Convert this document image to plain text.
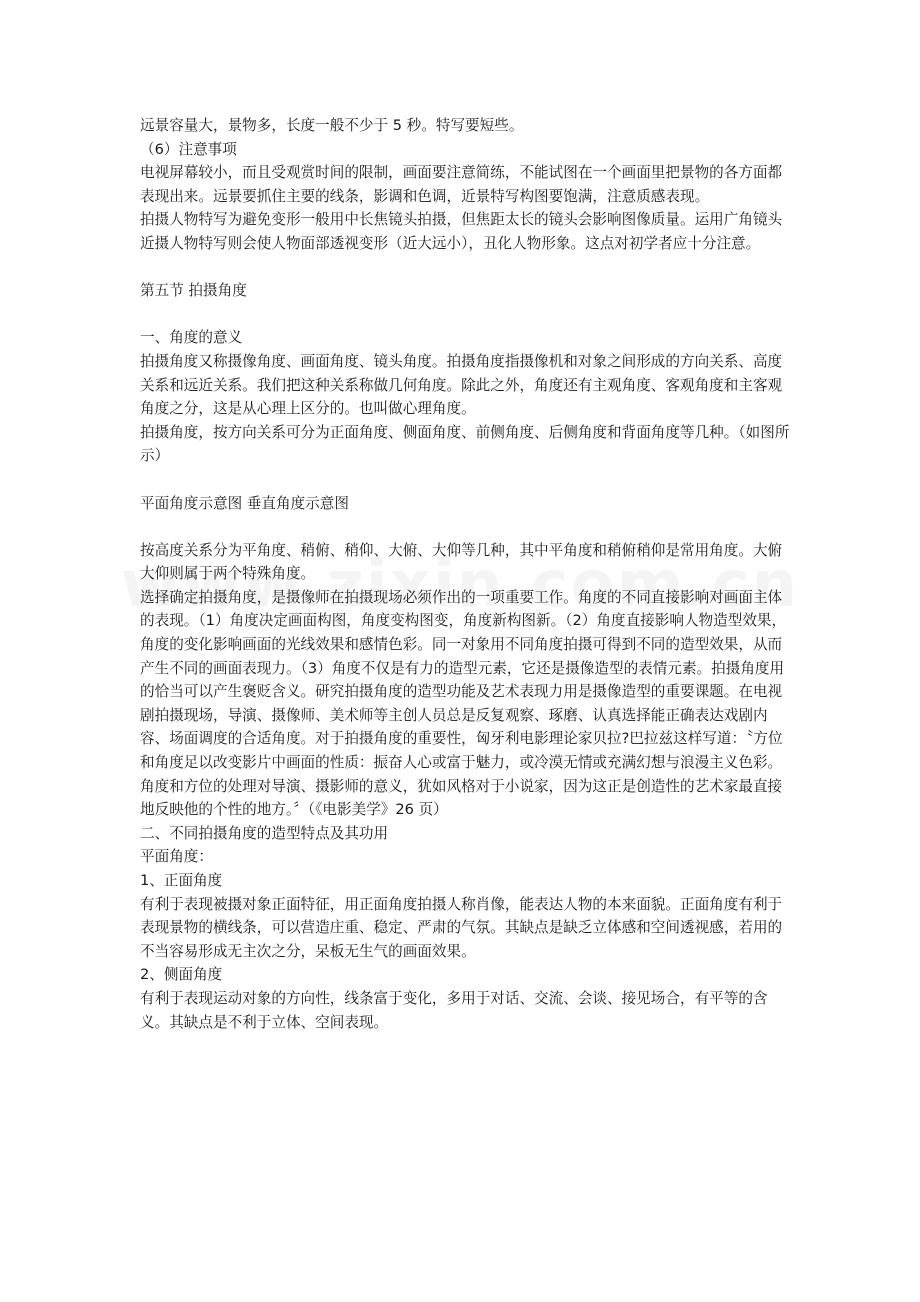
远景容量大，景物多，长度一般不少于 5 秒。特写要短些。

（6）注意事项

电视屏幕较小，而且受观赏时间的限制，画面要注意简练，不能试图在一个画面里把景物的各方面都表现出来。远景要抓住主要的线条，影调和色调，近景特写构图要饱满，注意质感表现。

拍摄人物特写为避免变形一般用中长焦镜头拍摄，但焦距太长的镜头会影响图像质量。运用广角镜头近摄人物特写则会使人物面部透视变形（近大远小），丑化人物形象。这点对初学者应十分注意。

第五节 拍摄角度

一、角度的意义

拍摄角度又称摄像角度、画面角度、镜头角度。拍摄角度指摄像机和对象之间形成的方向关系、高度关系和远近关系。我们把这种关系称做几何角度。除此之外，角度还有主观角度、客观角度和主客观角度之分，这是从心理上区分的。也叫做心理角度。

拍摄角度，按方向关系可分为正面角度、侧面角度、前侧角度、后侧角度和背面角度等几种。（如图所示）

平面角度示意图 垂直角度示意图

按高度关系分为平角度、稍俯、稍仰、大俯、大仰等几种，其中平角度和稍俯稍仰是常用角度。大俯大仰则属于两个特殊角度。

选择确定拍摄角度，是摄像师在拍摄现场必须作出的一项重要工作。角度的不同直接影响对画面主体的表现。（1）角度决定画面构图，角度变构图变，角度新构图新。（2）角度直接影响人物造型效果，角度的变化影响画面的光线效果和感情色彩。同一对象用不同角度拍摄可得到不同的造型效果，从而产生不同的画面表现力。（3）角度不仅是有力的造型元素，它还是摄像造型的表情元素。拍摄角度用的恰当可以产生褒贬含义。研究拍摄角度的造型功能及艺术表现力用是摄像造型的重要课题。在电视剧拍摄现场，导演、摄像师、美术师等主创人员总是反复观察、琢磨、认真选择能正确表达戏剧内容、场面调度的合适角度。对于拍摄角度的重要性，匈牙利电影理论家贝拉?巴拉兹这样写道：〝方位和角度足以改变影片中画面的性质：振奋人心或富于魅力，或冷漠无情或充满幻想与浪漫主义色彩。角度和方位的处理对导演、摄影师的意义，犹如风格对于小说家，因为这正是创造性的艺术家最直接地反映他的个性的地方。〞（《电影美学》26 页）

二、不同拍摄角度的造型特点及其功用

平面角度：

1、正面角度

有利于表现被摄对象正面特征，用正面角度拍摄人称肖像，能表达人物的本来面貌。正面角度有利于表现景物的横线条，可以营造庄重、稳定、严肃的气氛。其缺点是缺乏立体感和空间透视感，若用的不当容易形成无主次之分，呆板无生气的画面效果。

2、侧面角度

有利于表现运动对象的方向性，线条富于变化，多用于对话、交流、会谈、接见场合，有平等的含义。其缺点是不利于立体、空间表现。
